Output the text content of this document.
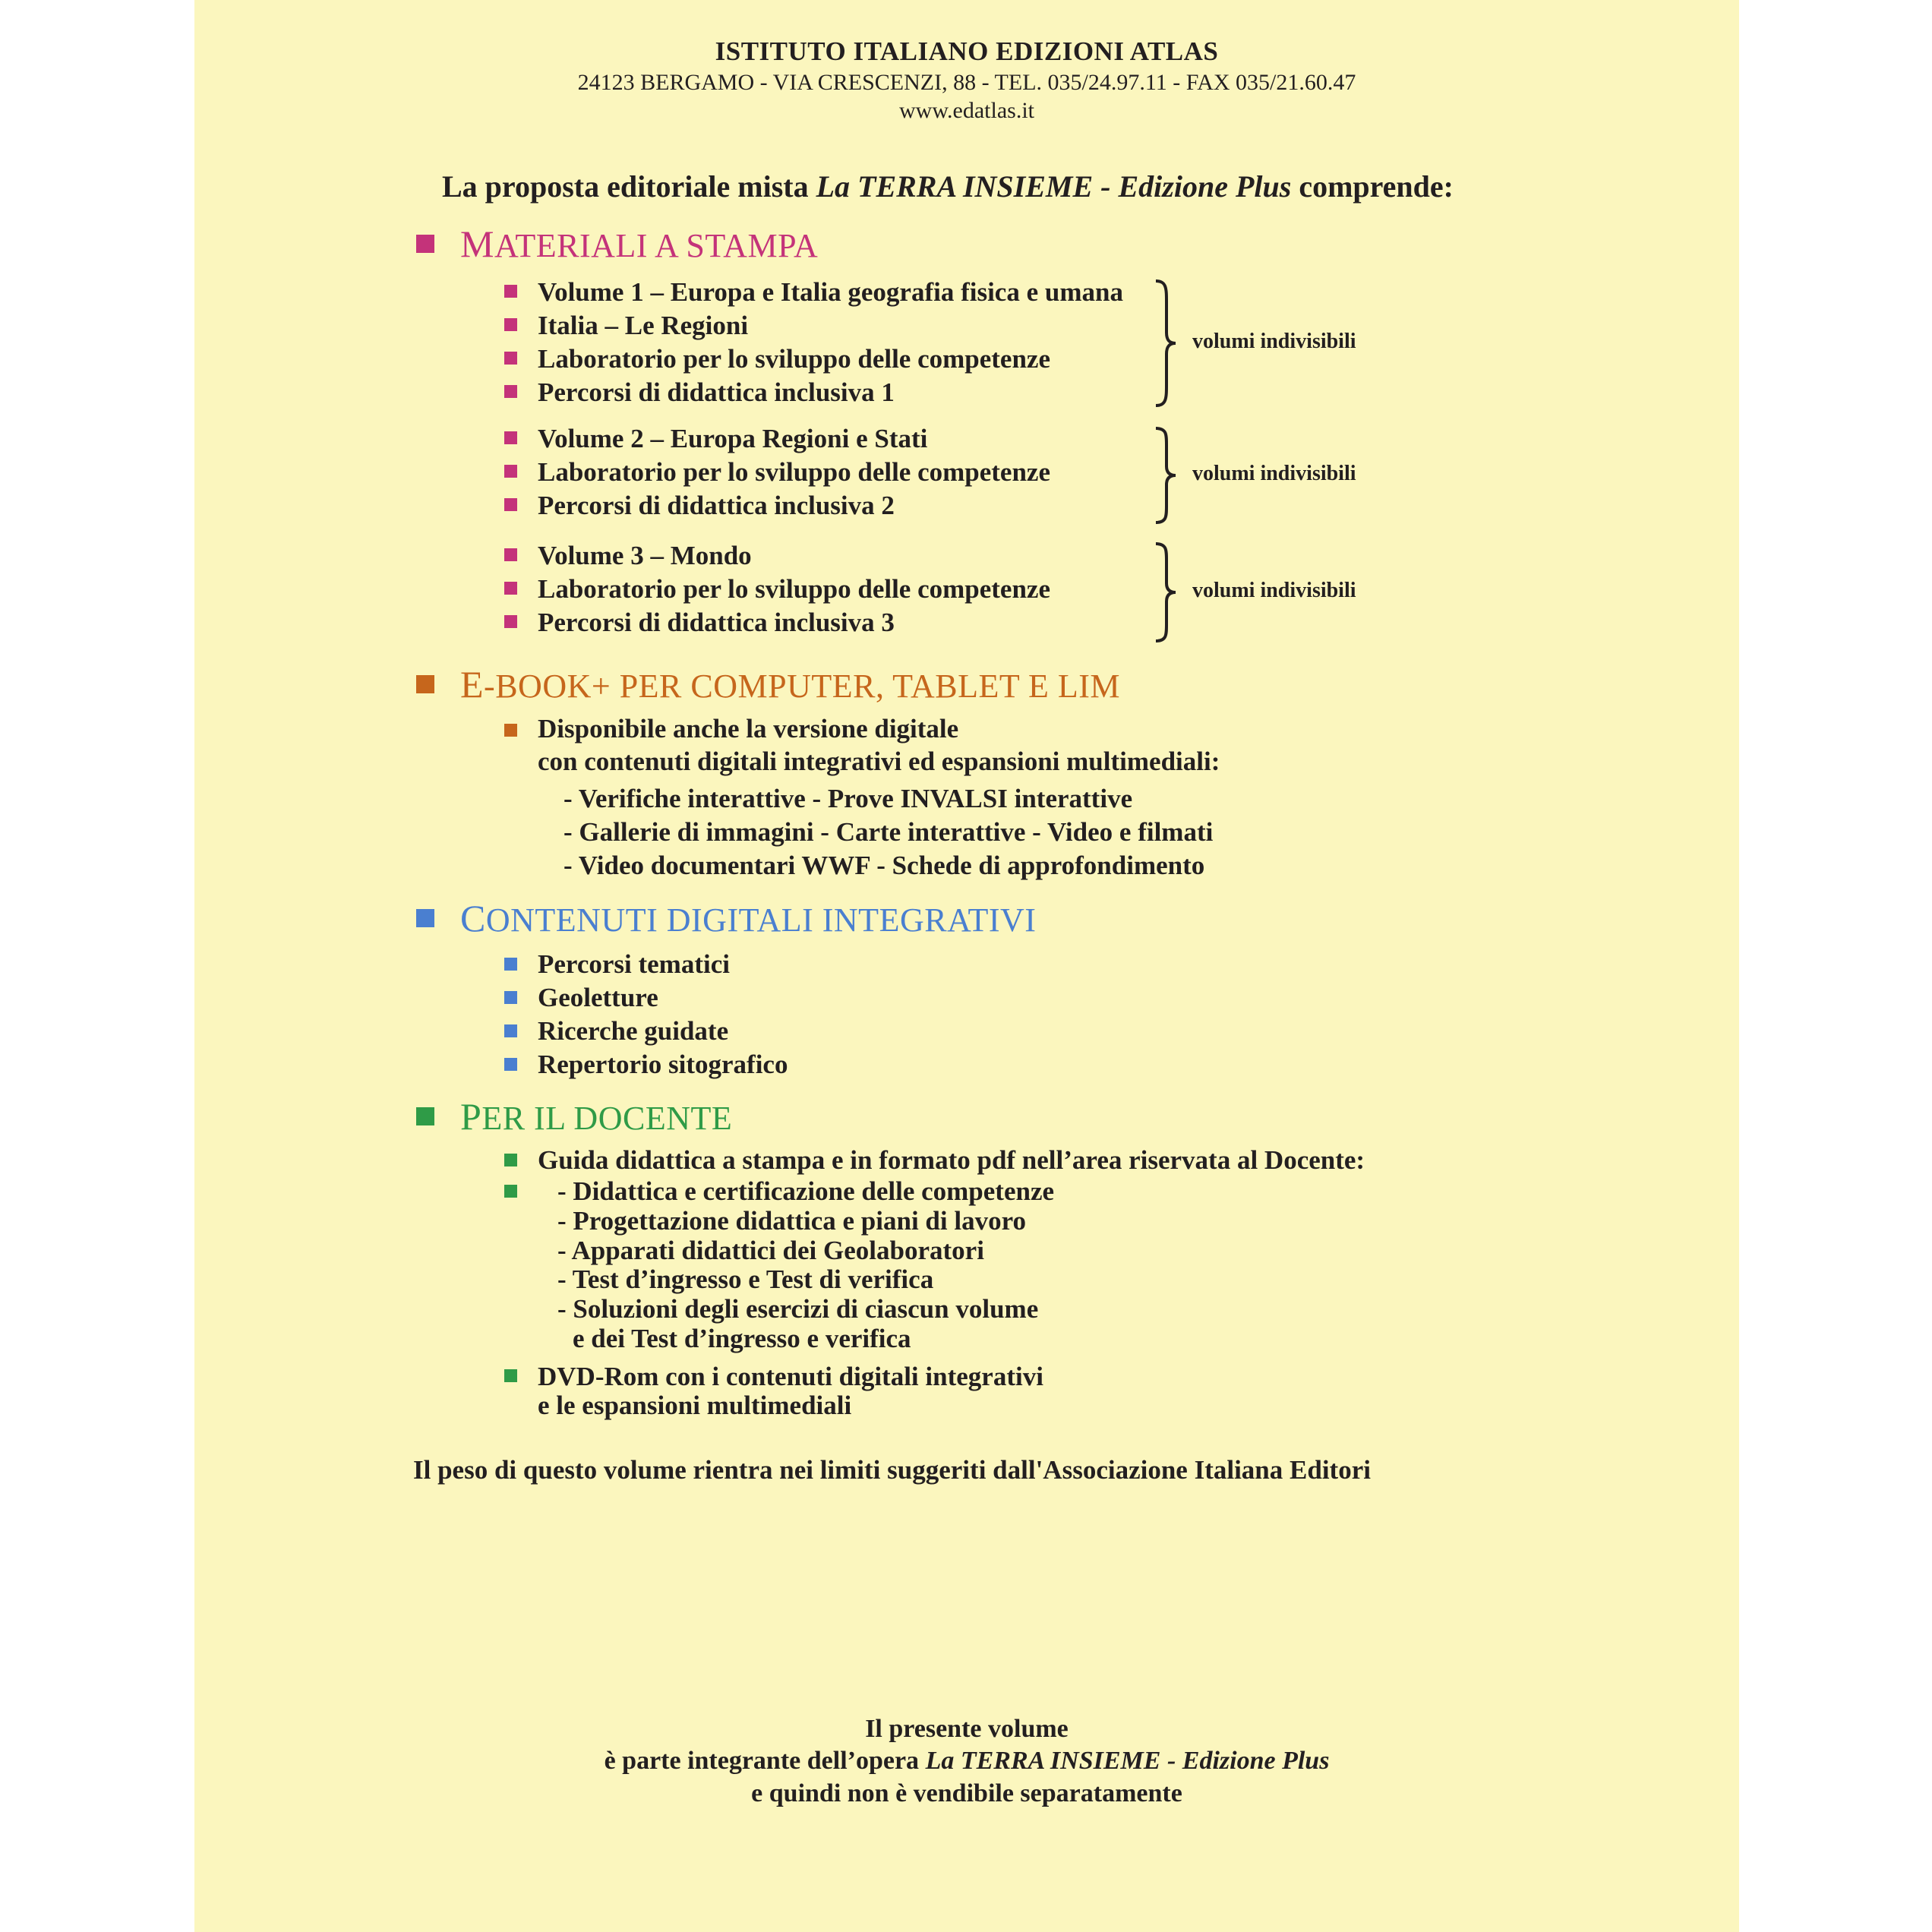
ISTITUTO ITALIANO EDIZIONI ATLAS
24123 BERGAMO - VIA CRESCENZI, 88 - TEL. 035/24.97.11 - FAX 035/21.60.47
www.edatlas.it
La proposta editoriale mista La TERRA INSIEME - Edizione Plus comprende:
MATERIALI A STAMPA
Volume 1 – Europa e Italia geografia fisica e umana
Italia – Le Regioni
Laboratorio per lo sviluppo delle competenze
Percorsi di didattica inclusiva 1
volumi indivisibili
Volume 2 – Europa Regioni e Stati
Laboratorio per lo sviluppo delle competenze
Percorsi di didattica inclusiva 2
volumi indivisibili
Volume 3 – Mondo
Laboratorio per lo sviluppo delle competenze
Percorsi di didattica inclusiva 3
volumi indivisibili
E-BOOK+ PER COMPUTER, TABLET E LIM
Disponibile anche la versione digitale
con contenuti digitali integrativi ed espansioni multimediali:
- Verifiche interattive - Prove INVALSI interattive
- Gallerie di immagini - Carte interattive - Video e filmati
- Video documentari WWF - Schede di approfondimento
CONTENUTI DIGITALI INTEGRATIVI
Percorsi tematici
Geoletture
Ricerche guidate
Repertorio sitografico
PER IL DOCENTE
Guida didattica a stampa e in formato pdf nell’area riservata al Docente:
- Didattica e certificazione delle competenze
- Progettazione didattica e piani di lavoro
- Apparati didattici dei Geolaboratori
- Test d’ingresso e Test di verifica
- Soluzioni degli esercizi di ciascun volume
e dei Test d’ingresso e verifica
DVD-Rom con i contenuti digitali integrativi
e le espansioni multimediali
Il peso di questo volume rientra nei limiti suggeriti dall'Associazione Italiana Editori
Il presente volume
è parte integrante dell’opera La TERRA INSIEME - Edizione Plus
e quindi non è vendibile separatamente
